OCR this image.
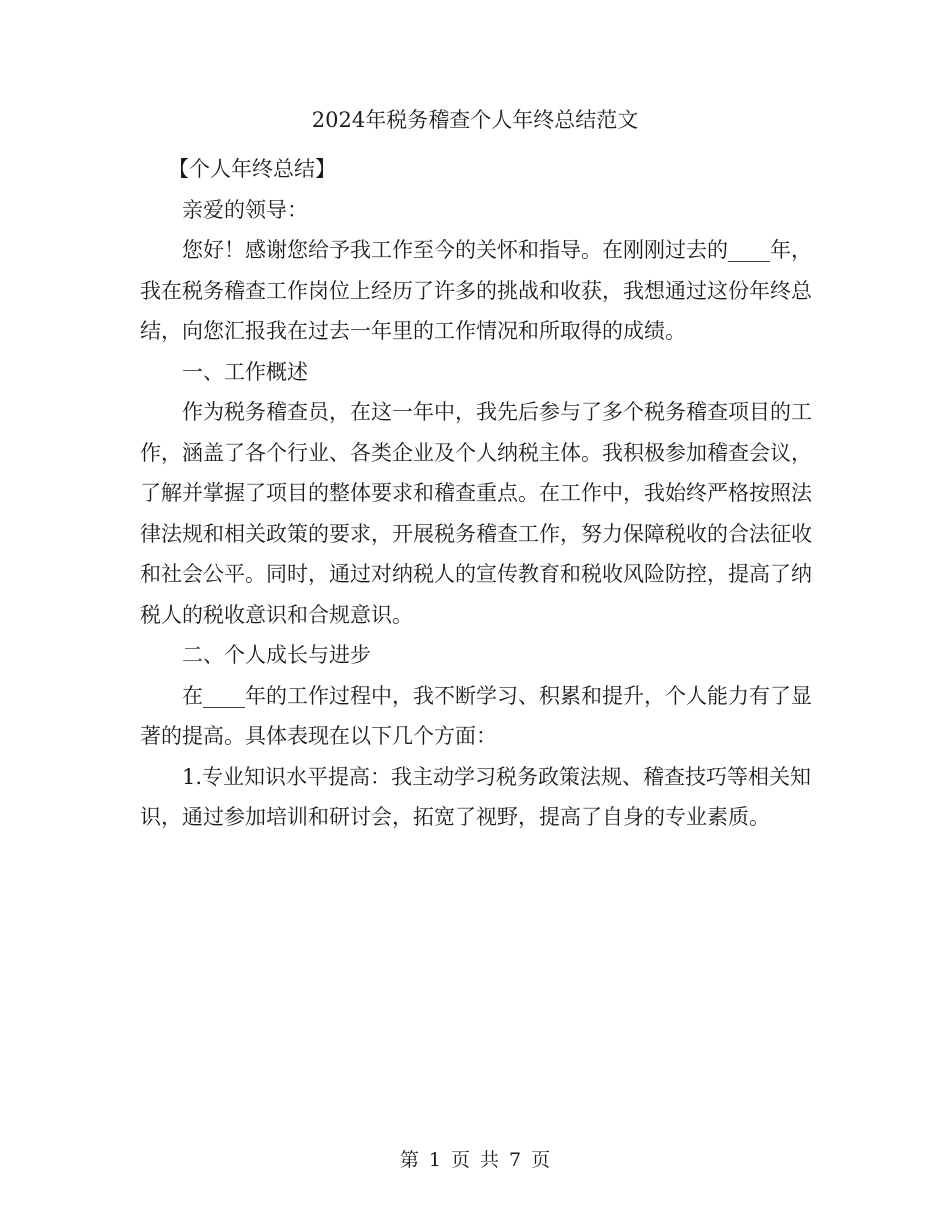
2024年税务稽查个人年终总结范文

【个人年终总结】

亲爱的领导：

您好！感谢您给予我工作至今的关怀和指导。在刚刚过去的____年，我在税务稽查工作岗位上经历了许多的挑战和收获，我想通过这份年终总结，向您汇报我在过去一年里的工作情况和所取得的成绩。

一、工作概述

作为税务稽查员，在这一年中，我先后参与了多个税务稽查项目的工作，涵盖了各个行业、各类企业及个人纳税主体。我积极参加稽查会议，了解并掌握了项目的整体要求和稽查重点。在工作中，我始终严格按照法律法规和相关政策的要求，开展税务稽查工作，努力保障税收的合法征收和社会公平。同时，通过对纳税人的宣传教育和税收风险防控，提高了纳税人的税收意识和合规意识。

二、个人成长与进步

在____年的工作过程中，我不断学习、积累和提升，个人能力有了显著的提高。具体表现在以下几个方面：

1.专业知识水平提高：我主动学习税务政策法规、稽查技巧等相关知识，通过参加培训和研讨会，拓宽了视野，提高了自身的专业素质。

第 1 页 共 7 页
